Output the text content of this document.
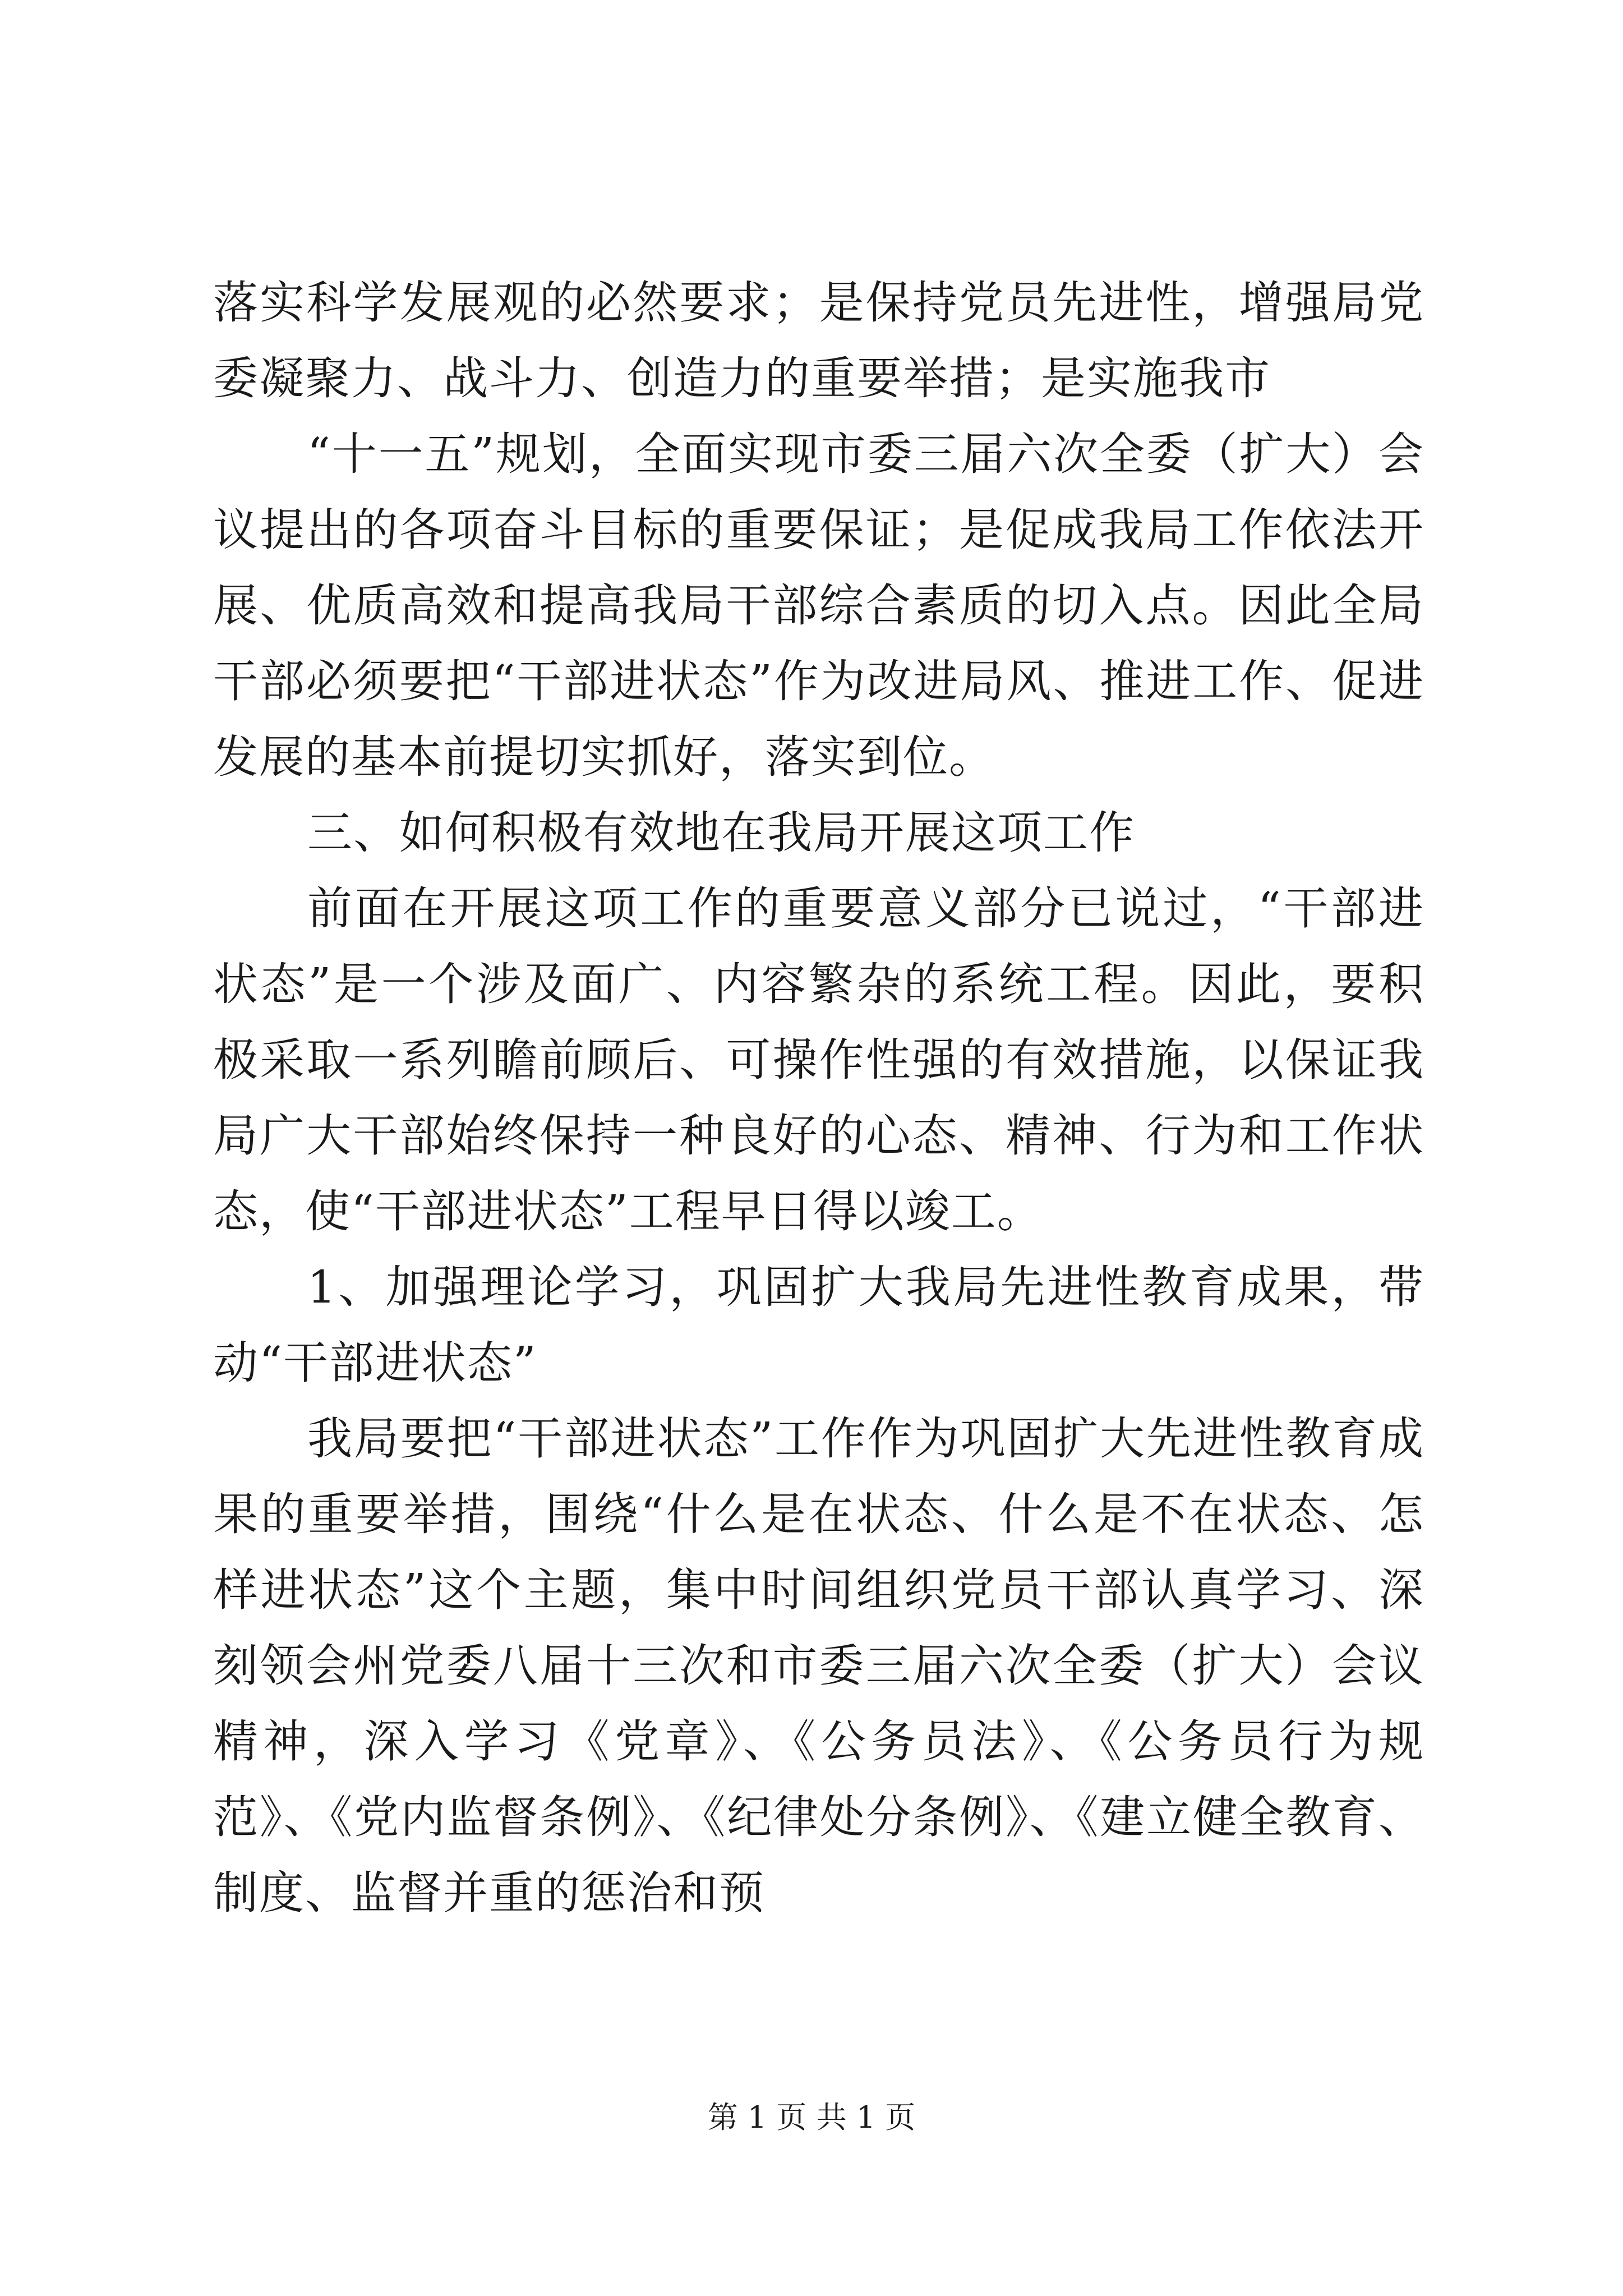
落实科学发展观的必然要求；是保持党员先进性，增强局党委凝聚力、战斗力、创造力的重要举措；是实施我市

“十一五”规划，全面实现市委三届六次全委（扩大）会议提出的各项奋斗目标的重要保证；是促成我局工作依法开展、优质高效和提高我局干部综合素质的切入点。因此全局干部必须要把“干部进状态”作为改进局风、推进工作、促进发展的基本前提切实抓好，落实到位。

三、如何积极有效地在我局开展这项工作

前面在开展这项工作的重要意义部分已说过，“干部进状态”是一个涉及面广、内容繁杂的系统工程。因此，要积极采取一系列瞻前顾后、可操作性强的有效措施，以保证我局广大干部始终保持一种良好的心态、精神、行为和工作状态，使“干部进状态”工程早日得以竣工。

1、加强理论学习，巩固扩大我局先进性教育成果，带动“干部进状态”

我局要把“干部进状态”工作作为巩固扩大先进性教育成果的重要举措，围绕“什么是在状态、什么是不在状态、怎样进状态”这个主题，集中时间组织党员干部认真学习、深刻领会州党委八届十三次和市委三届六次全委（扩大）会议精神，深入学习《党章》、《公务员法》、《公务员行为规范》、《党内监督条例》、《纪律处分条例》、《建立健全教育、制度、监督并重的惩治和预

第 1 页 共 1 页
